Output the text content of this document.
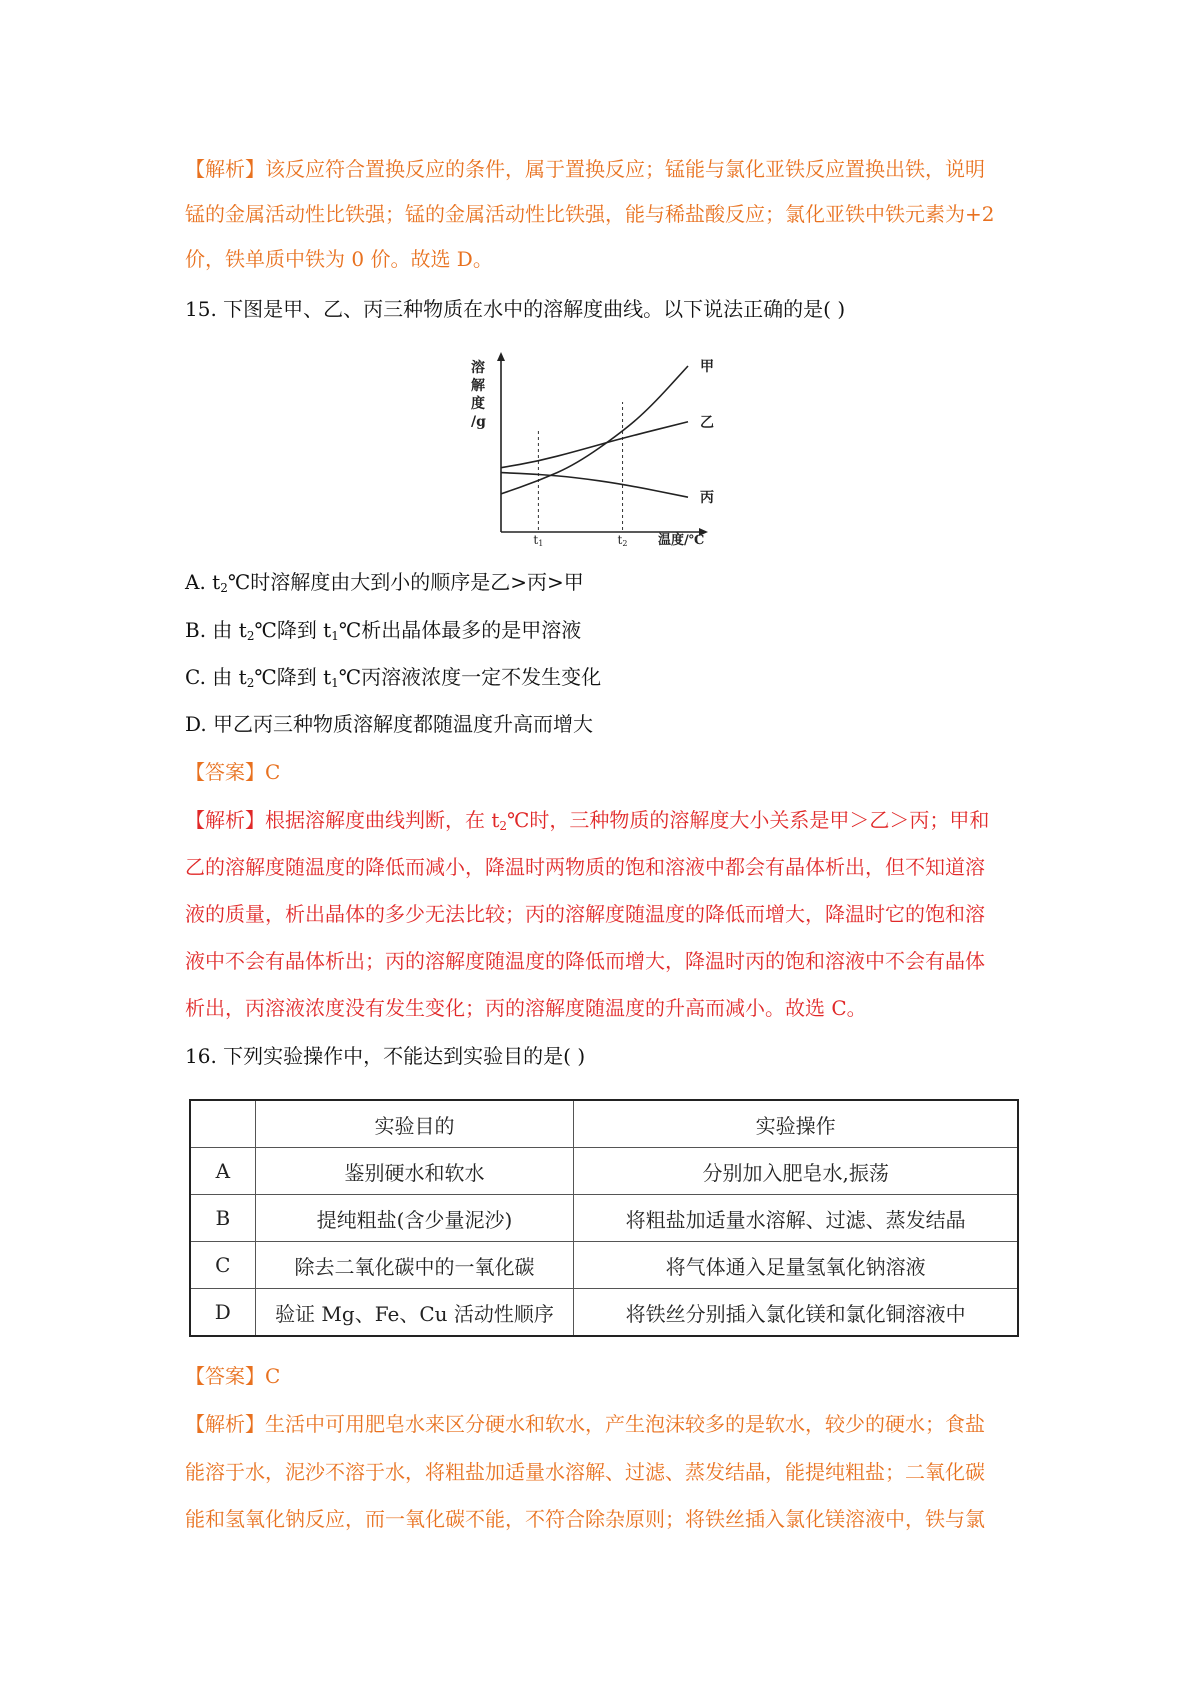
【解析】该反应符合置换反应的条件，属于置换反应；锰能与氯化亚铁反应置换出铁，说明
锰的金属活动性比铁强；锰的金属活动性比铁强，能与稀盐酸反应；氯化亚铁中铁元素为+2
价，铁单质中铁为 0 价。故选 D。
15. 下图是甲、乙、丙三种物质在水中的溶解度曲线。以下说法正确的是( )
溶
解
度
/g
温度/℃
t1	t2
甲
乙
丙
A. $t_2℃$时溶解度由大到小的顺序是乙>丙>甲
B. 由 $t_2℃$降到 $t_1℃$析出晶体最多的是甲溶液
C. 由 $t_2℃$降到 $t_1℃$丙溶液浓度一定不发生变化
D. 甲乙丙三种物质溶解度都随温度升高而增大
【答案】C
【解析】根据溶解度曲线判断，在 $t_2℃$时，三种物质的溶解度大小关系是甲＞乙＞丙；甲和
乙的溶解度随温度的降低而减小，降温时两物质的饱和溶液中都会有晶体析出，但不知道溶
液的质量，析出晶体的多少无法比较；丙的溶解度随温度的降低而增大，降温时它的饱和溶
液中不会有晶体析出；丙的溶解度随温度的降低而增大，降温时丙的饱和溶液中不会有晶体
析出，丙溶液浓度没有发生变化；丙的溶解度随温度的升高而减小。故选 C。
16. 下列实验操作中，不能达到实验目的是( )
	实验目的	实验操作
A	鉴别硬水和软水	分别加入肥皂水,振荡
B	提纯粗盐(含少量泥沙)	将粗盐加适量水溶解、过滤、蒸发结晶
C	除去二氧化碳中的一氧化碳	将气体通入足量氢氧化钠溶液
D	验证 Mg、Fe、Cu 活动性顺序	将铁丝分别插入氯化镁和氯化铜溶液中
【答案】C
【解析】生活中可用肥皂水来区分硬水和软水，产生泡沫较多的是软水，较少的硬水；食盐
能溶于水，泥沙不溶于水，将粗盐加适量水溶解、过滤、蒸发结晶，能提纯粗盐；二氧化碳
能和氢氧化钠反应，而一氧化碳不能，不符合除杂原则；将铁丝插入氯化镁溶液中，铁与氯
